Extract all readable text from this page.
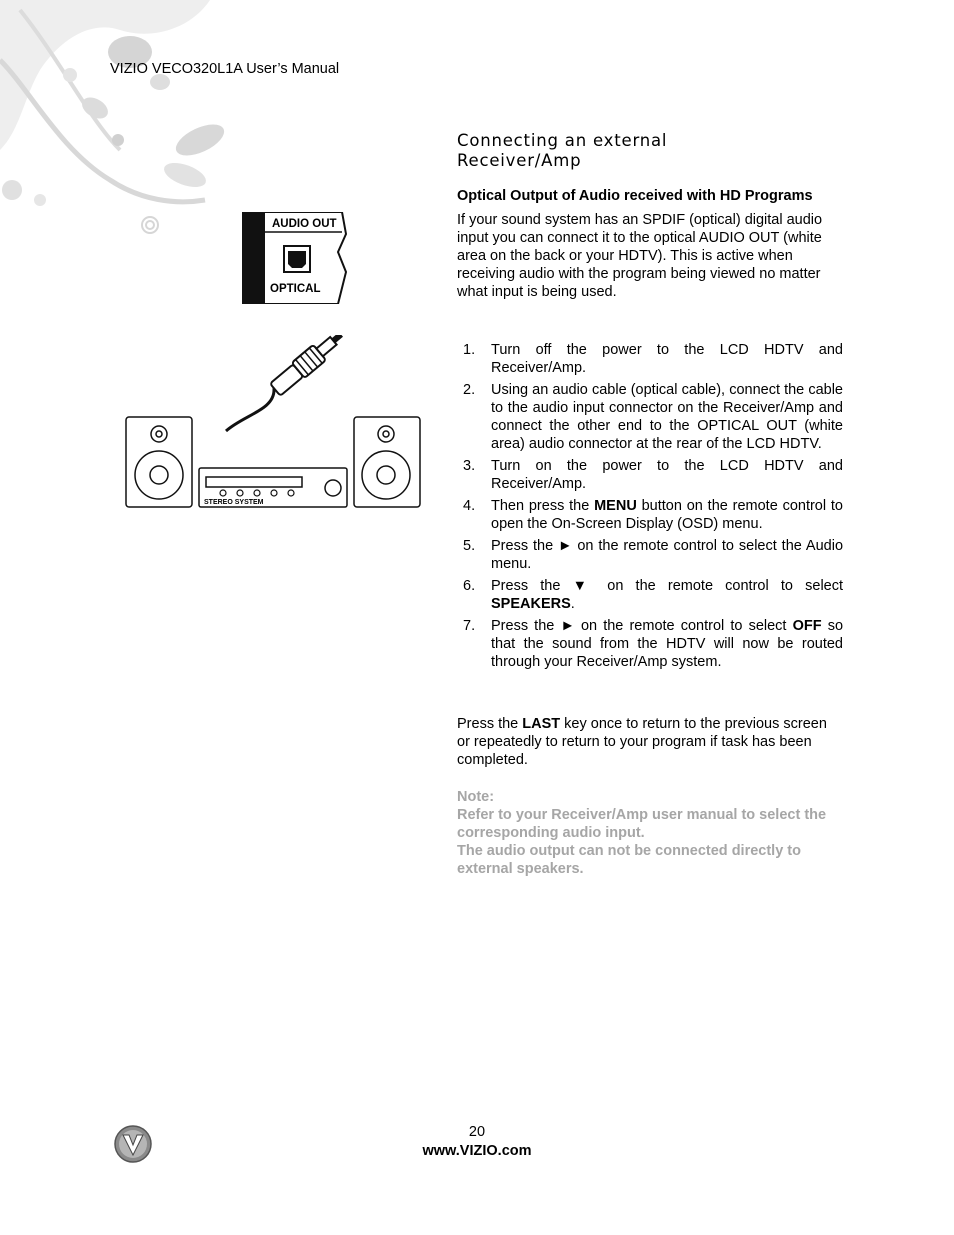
VIZIO VECO320L1A User’s Manual
Connecting an external
Receiver/Amp
Optical Output of Audio received with HD Programs
If your sound system has an SPDIF (optical) digital audio input you can connect it to the optical AUDIO OUT (white area on the back or your HDTV). This is active when receiving audio with the program being viewed no matter what input is being used.
AUDIO OUT
OPTICAL
STEREO SYSTEM
1. Turn off the power to the LCD HDTV and Receiver/Amp.
2. Using an audio cable (optical cable), connect the cable to the audio input connector on the Receiver/Amp and connect the other end to the OPTICAL OUT (white area) audio connector at the rear of the LCD HDTV.
3. Turn on the power to the LCD HDTV and Receiver/Amp.
4. Then press the MENU button on the remote control to open the On-Screen Display (OSD) menu.
5. Press the ► on the remote control to select the Audio menu.
6. Press the ▼ on the remote control to select SPEAKERS.
7. Press the ► on the remote control to select OFF so that the sound from the HDTV will now be routed through your Receiver/Amp system.
Press the LAST key once to return to the previous screen or repeatedly to return to your program if task has been completed.
Note:
Refer to your Receiver/Amp user manual to select the corresponding audio input.
The audio output can not be connected directly to external speakers.
20
www.VIZIO.com
